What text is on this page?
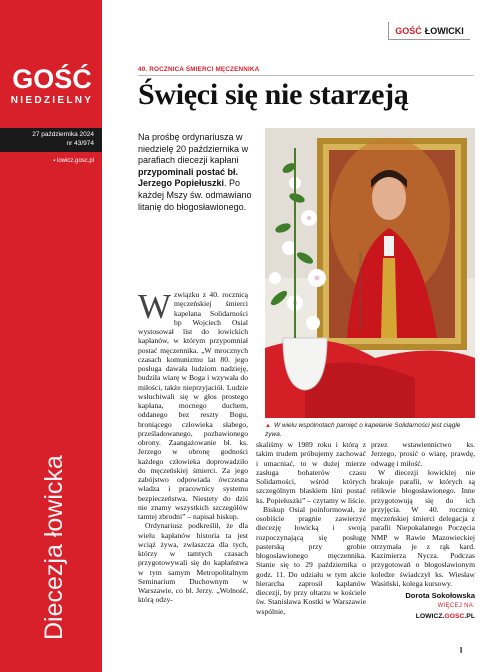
GOŚĆ
NIEDZIELNY
27 października 2024
nr 43/974
▪ lowicz.gosc.pl
Diecezja łowicka
GOŚĆ ŁOWICKI
40. ROCZNICA ŚMIERCI MĘCZENNIKA
Święci się nie starzeją
Na prośbę ordynariusza w niedzielę 20 października w parafiach diecezji kapłani przypominali postać bł. Jerzego Popiełuszki. Po każdej Mszy św. odmawiano litanię do błogosławionego.
AGATA BALCERAK-GABRYŚ/FOTO GOŚĆ
▲ W wielu wspólnotach pamięć o kapelanie Solidarności jest ciągle żywa.
W związku z 40. rocznicą męczeńskiej śmierci kapelana Solidarności bp Wojciech Osial wystosował list do łowickich kapłanów, w którym przypomniał postać męczennika. „W mrocznych czasach komunizmu lat 80. jego posługa dawała ludziom nadzieję, budziła wiarę w Boga i wzywała do miłości, także nieprzyjaciół. Ludzie wsłuchiwali się w głos prostego kapłana, mocnego duchem, oddanego bez reszty Bogu, broniącego człowieka słabego, prześladowanego, pozbawionego obrony. Zaangażowanie bł. ks. Jerzego w obronę godności każdego człowieka doprowadziło do męczeńskiej śmierci. Za jego zabójstwo odpowiada ówczesna władza i pracownicy systemu bezpieczeństwa. Niestety do dziś nie znamy wszystkich szczegółów tamtej zbrodni” – napisał biskup.

Ordynariusz podkreślił, że dla wielu kapłanów historia ta jest wciąż żywa, zwłaszcza dla tych, którzy w tamtych czasach przygotowywali się do kapłaństwa w tym samym Metropolitalnym Seminarium Duchownym w Warszawie, co bł. Jerzy. „Wolność, którą odzy-

skaliśmy w 1989 roku i którą z takim trudem próbujemy zachować i umacniać, to w dużej mierze zasługa bohaterów czasu Solidarności, wśród których szczególnym blaskiem lśni postać ks. Popiełuszki” – czytamy w liście.

Biskup Osial poinformował, że osobiście pragnie zawierzyć diecezję łowicką i swoją rozpoczynającą się posługę pasterską przy grobie błogosławionego męczennika. Stanie się to 29 października o godz. 11. Do udziału w tym akcie hierarcha zaprosił kapłanów diecezji, by przy ołtarzu w kościele św. Stanisława Kostki w Warszawie wspólnie,

przez wstawiennictwo ks. Jerzego, prosić o wiarę, prawdę, odwagę i miłość.

W diecezji łowickiej nie brakuje parafii, w których są relikwie błogosławionego. Inne przygotowują się do ich przyjęcia. W 40. rocznicę męczeńskiej śmierci delegacja z parafii Niepokalanego Poczęcia NMP w Rawie Mazowieckiej otrzymała je z rąk kard. Kazimierza Nycza. Podczas przygotowań o błogosławionym koledze świadczył ks. Wiesław Wasiński, kolega kursowy.

Dorota Sokołowska
WIĘCEJ NA:
LOWICZ.GOSC.PL
I
